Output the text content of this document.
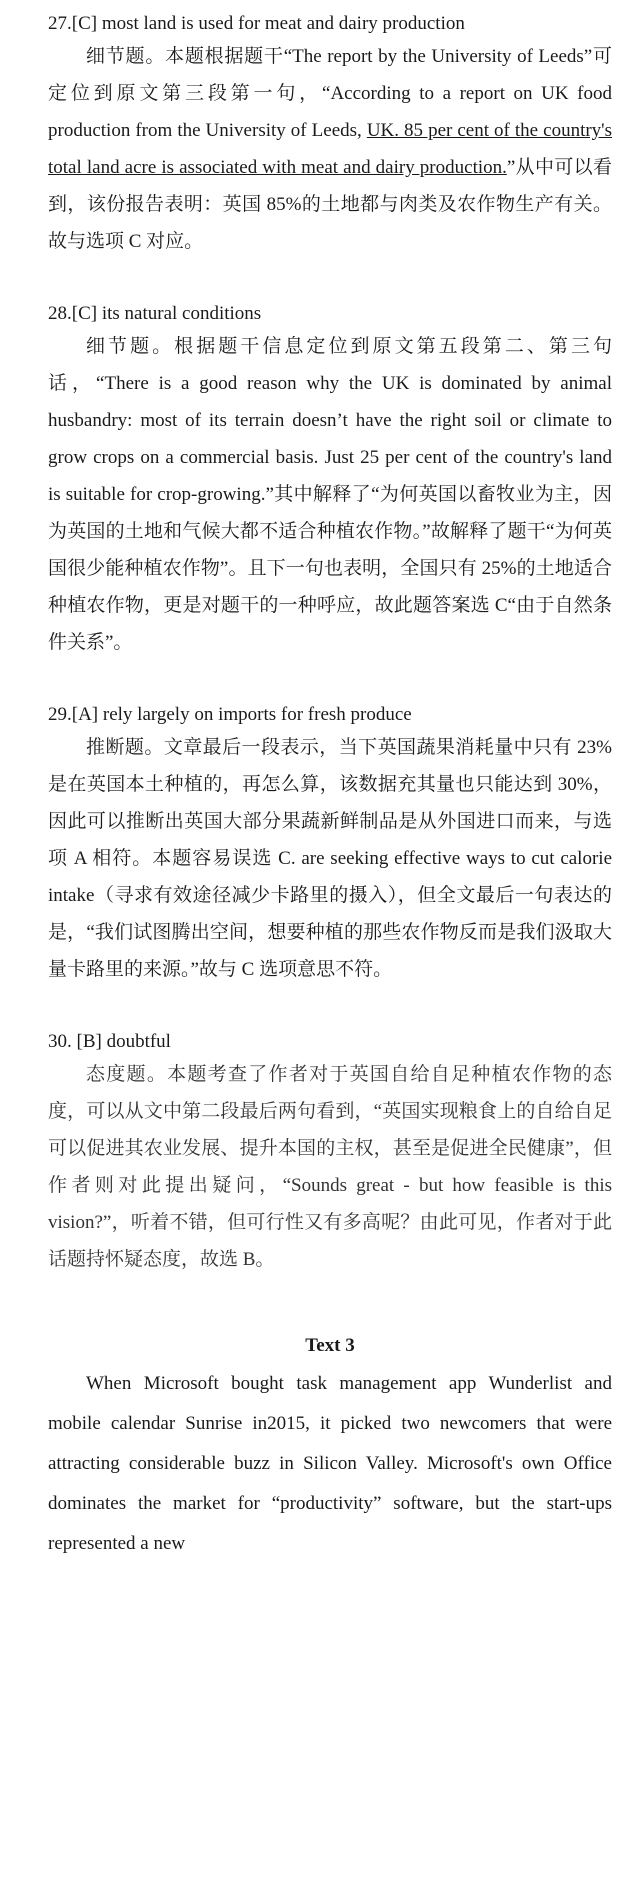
27.[C] most land is used for meat and dairy production

细节题。本题根据题干“The report by the University of Leeds”可定位到原文第三段第一句，“According to a report on UK food production from the University of Leeds, UK. 85 per cent of the country's total land acre is associated with meat and dairy production.”从中可以看到，该份报告表明：英国 85%的土地都与肉类及农作物生产有关。故与选项 C 对应。

28.[C] its natural conditions

细节题。根据题干信息定位到原文第五段第二、第三句话，“There is a good reason why the UK is dominated by animal husbandry: most of its terrain doesn’t have the right soil or climate to grow crops on a commercial basis. Just 25 per cent of the country's land is suitable for crop-growing.”其中解释了“为何英国以畜牧业为主，因为英国的土地和气候大都不适合种植农作物。”故解释了题干“为何英国很少能种植农作物”。且下一句也表明，全国只有 25%的土地适合种植农作物，更是对题干的一种呼应，故此题答案选 C“由于自然条件关系”。

29.[A] rely largely on imports for fresh produce

推断题。文章最后一段表示，当下英国蔬果消耗量中只有 23%是在英国本土种植的，再怎么算，该数据充其量也只能达到 30%，因此可以推断出英国大部分果蔬新鲜制品是从外国进口而来，与选项 A 相符。本题容易误选 C. are seeking effective ways to cut calorie intake（寻求有效途径减少卡路里的摄入），但全文最后一句表达的是，“我们试图腾出空间，想要种植的那些农作物反而是我们汲取大量卡路里的来源。”故与 C 选项意思不符。

30. [B] doubtful

态度题。本题考查了作者对于英国自给自足种植农作物的态度，可以从文中第二段最后两句看到，“英国实现粮食上的自给自足可以促进其农业发展、提升本国的主权，甚至是促进全民健康”，但作者则对此提出疑问，“Sounds great - but how feasible is this vision?”，听着不错，但可行性又有多高呢？由此可见，作者对于此话题持怀疑态度，故选 B。

Text 3

When Microsoft bought task management app Wunderlist and mobile calendar Sunrise in2015, it picked two newcomers that were attracting considerable buzz in Silicon Valley. Microsoft's own Office dominates the market for “productivity” software, but the start-ups represented a new
